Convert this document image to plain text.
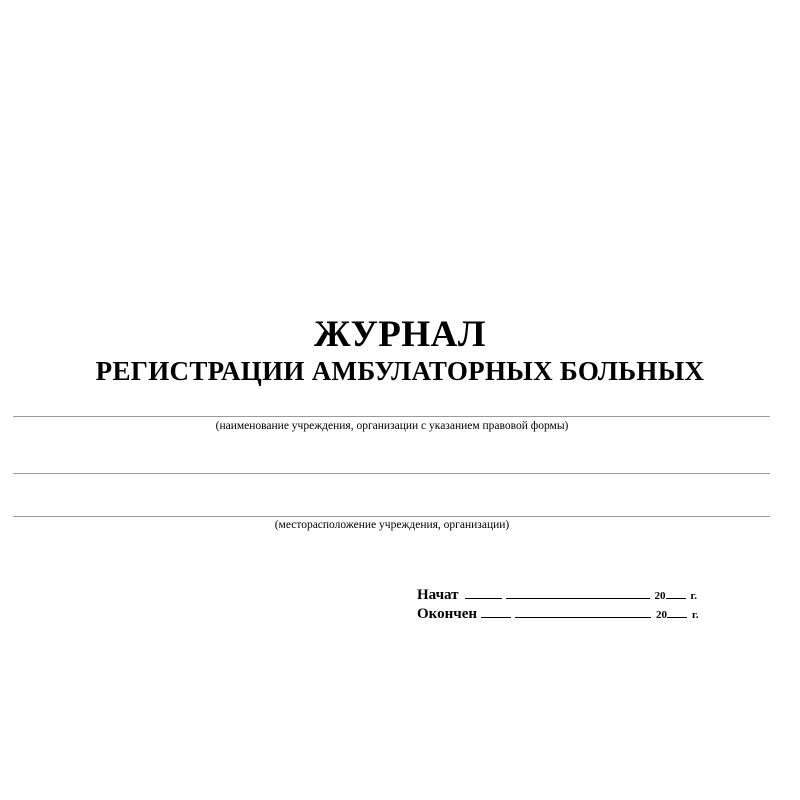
ЖУРНАЛ
РЕГИСТРАЦИИ АМБУЛАТОРНЫХ БОЛЬНЫХ
(наименование учреждения, организации с указанием правовой формы)
(месторасположение учреждения, организации)
Начат	20 г.
Окончен	20 г.
